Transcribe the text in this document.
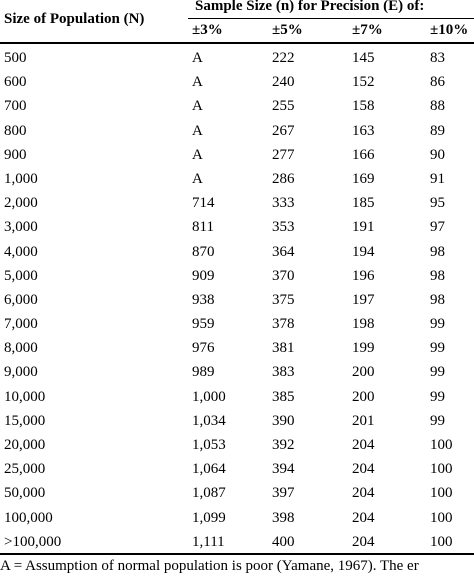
Size of Population (N)
Sample Size (n) for Precision (E) of:
±3%	±5%	±7%	±10%
500	A	222	145	83
600	A	240	152	86
700	A	255	158	88
800	A	267	163	89
900	A	277	166	90
1,000	A	286	169	91
2,000	714	333	185	95
3,000	811	353	191	97
4,000	870	364	194	98
5,000	909	370	196	98
6,000	938	375	197	98
7,000	959	378	198	99
8,000	976	381	199	99
9,000	989	383	200	99
10,000	1,000	385	200	99
15,000	1,034	390	201	99
20,000	1,053	392	204	100
25,000	1,064	394	204	100
50,000	1,087	397	204	100
100,000	1,099	398	204	100
>100,000	1,111	400	204	100
A = Assumption of normal population is poor (Yamane, 1967). The er
